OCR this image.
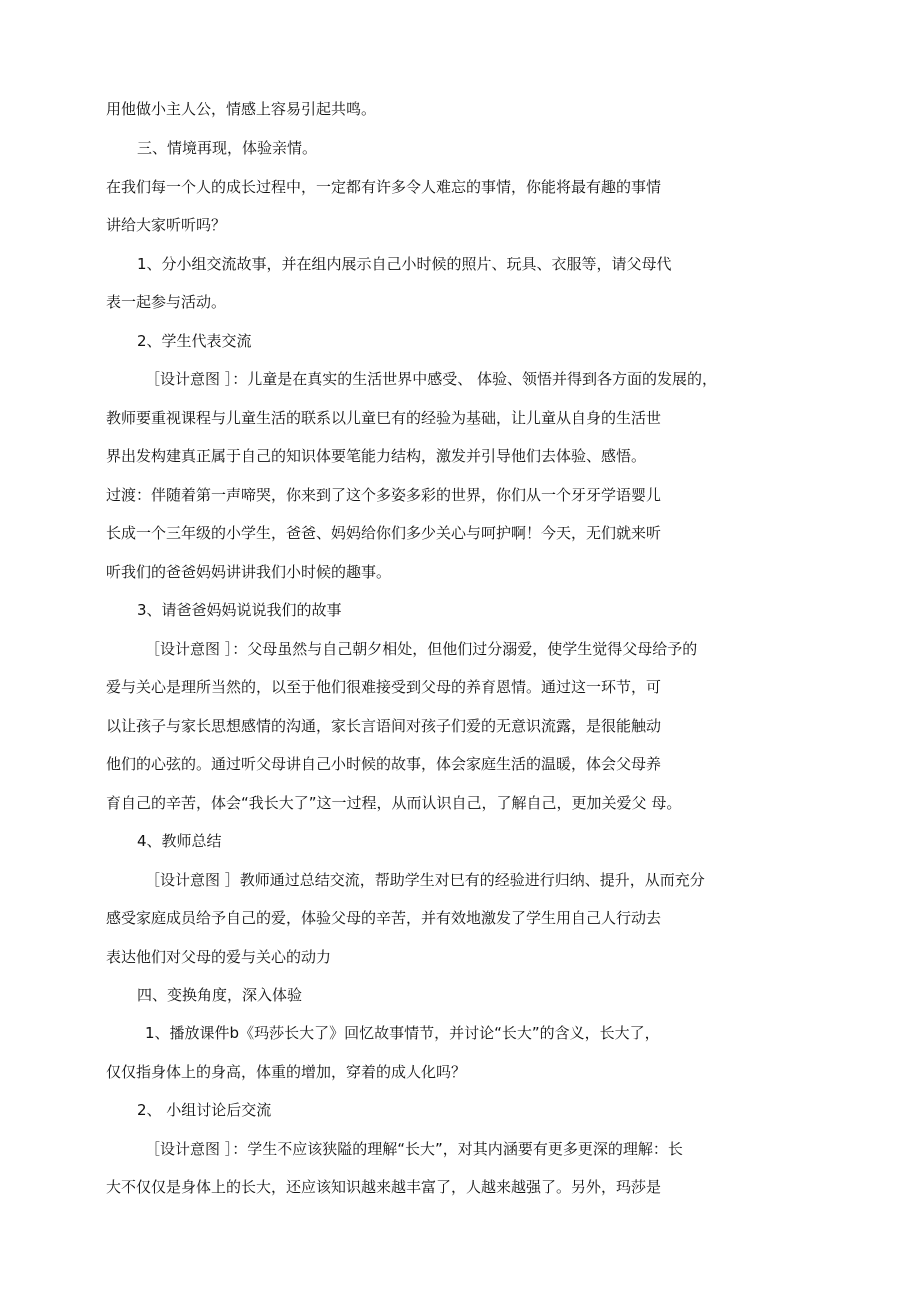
用他做小主人公，情感上容易引起共鸣。
三、情境再现，体验亲情。
在我们每一个人的成长过程中，一定都有许多令人难忘的事情，你能将最有趣的事情
讲给大家听听吗？
1、分小组交流故事，并在组内展示自己小时候的照片、玩具、衣服等，请父母代
表一起参与活动。
2、学生代表交流
［设计意图 ］：儿童是在真实的生活世界中感受、 体验、领悟并得到各方面的发展的，
教师要重视课程与儿童生活的联系以儿童巳有的经验为基础，让儿童从自身的生活世
界出发构建真正属于自己的知识体要笔能力结构，激发并引导他们去体验、感悟。
过渡：伴随着第一声啼哭，你来到了这个多姿多彩的世界，你们从一个牙牙学语婴儿
长成一个三年级的小学生，爸爸、妈妈给你们多少关心与呵护啊！今天，无们就来听
听我们的爸爸妈妈讲讲我们小时候的趣事。
3、请爸爸妈妈说说我们的故事
［设计意图 ］：父母虽然与自己朝夕相处，但他们过分溺爱，使学生觉得父母给予的
爱与关心是理所当然的，以至于他们很难接受到父母的养育恩情。通过这一环节，可
以让孩子与家长思想感情的沟通，家长言语间对孩子们爱的无意识流露，是很能触动
他们的心弦的。通过听父母讲自己小时候的故事，体会家庭生活的温暖，体会父母养
育自己的辛苦，体会“我长大了”这一过程，从而认识自己，了解自己，更加关爱父 母。
4、教师总结
［设计意图 ］教师通过总结交流，帮助学生对巳有的经验进行归纳、提升，从而充分
感受家庭成员给予自己的爱，体验父母的辛苦，并有效地激发了学生用自己人行动去
表达他们对父母的爱与关心的动力
四、变换角度，深入体验
1、播放课件b《玛莎长大了》回忆故事情节，并讨论“长大”的含义，长大了，
仅仅指身体上的身高，体重的增加，穿着的成人化吗？
2、 小组讨论后交流
［设计意图 ］：学生不应该狭隘的理解“长大”，对其内涵要有更多更深的理解：长
大不仅仅是身体上的长大，还应该知识越来越丰富了，人越来越强了。另外，玛莎是
